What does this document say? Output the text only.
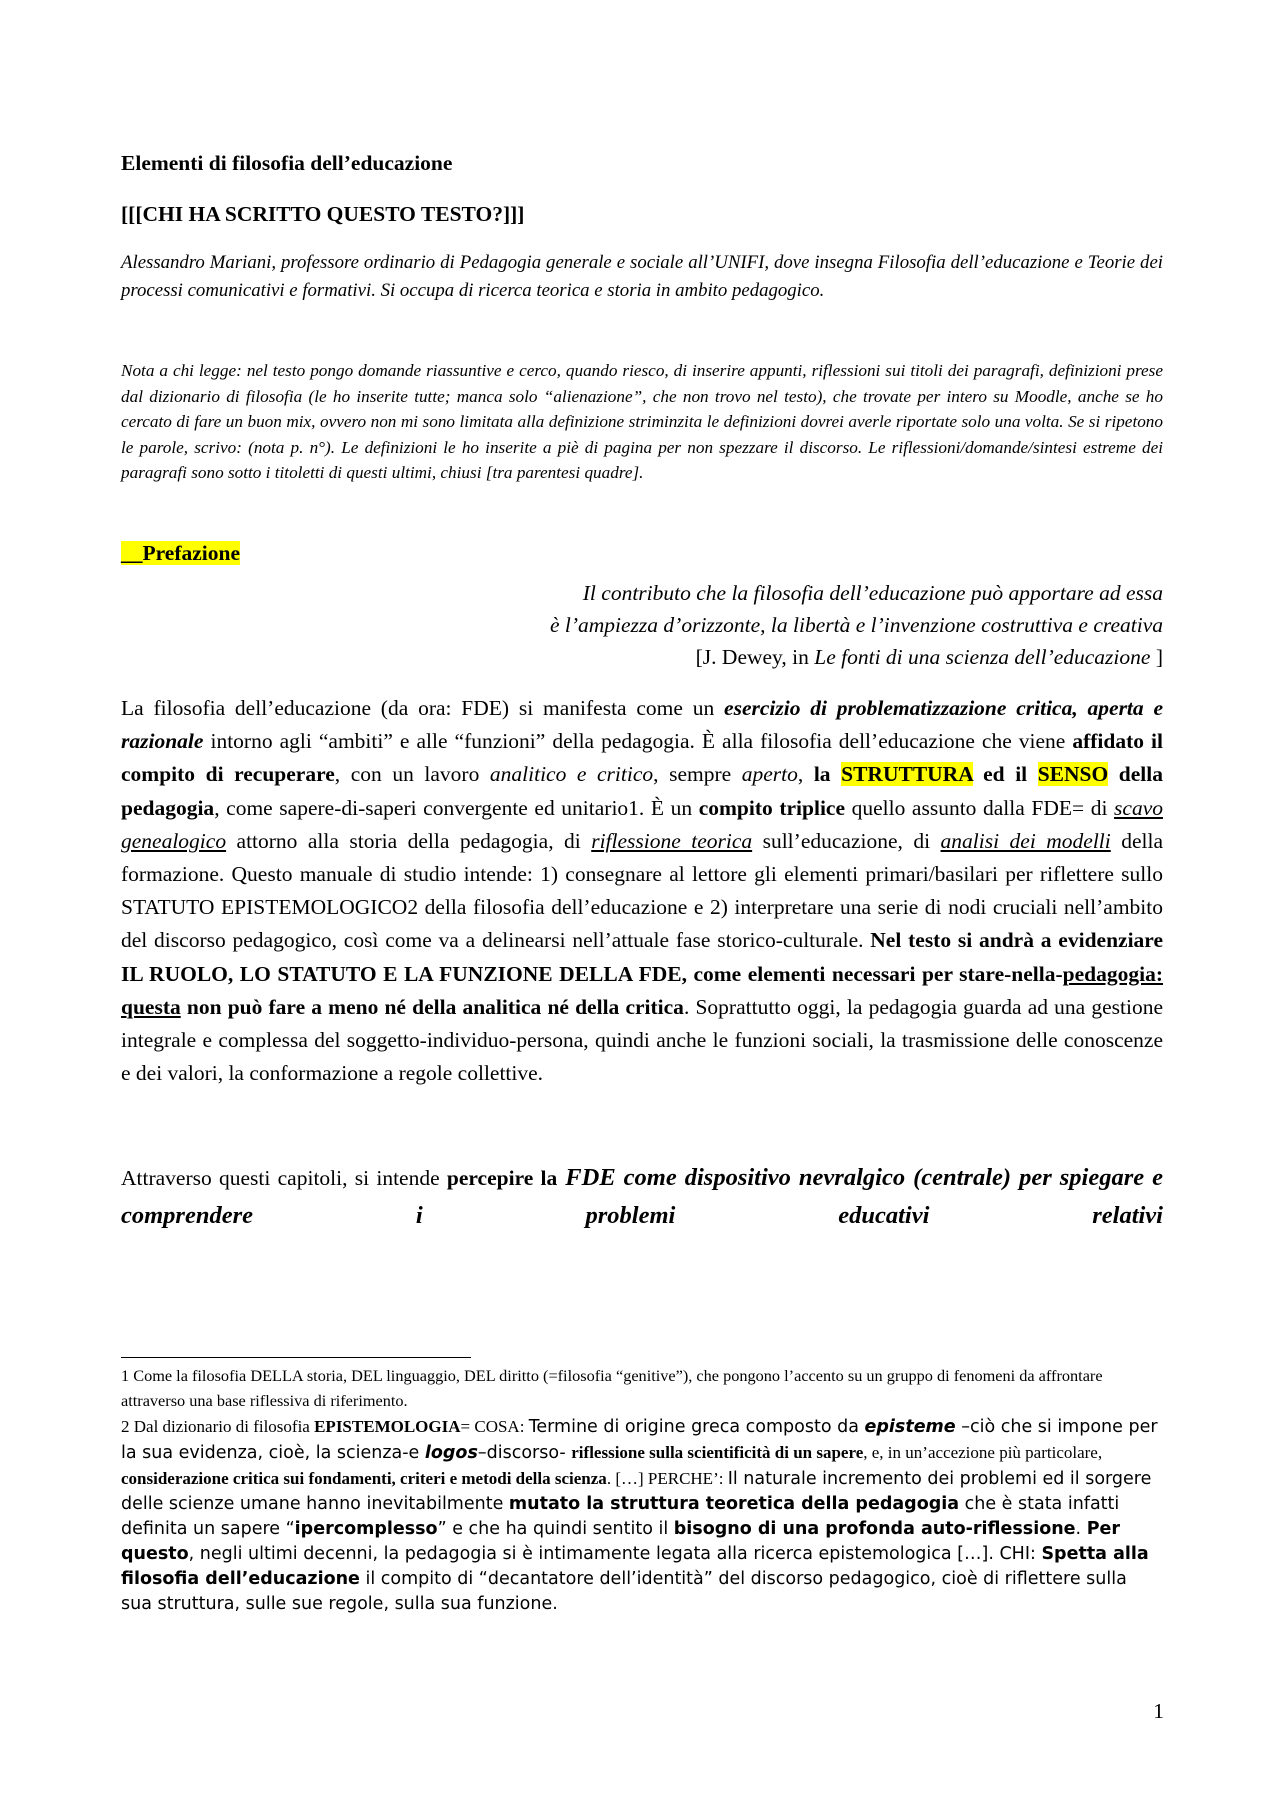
Elementi di filosofia dell’educazione

[[[CHI HA SCRITTO QUESTO TESTO?]]]

Alessandro Mariani, professore ordinario di Pedagogia generale e sociale all’UNIFI, dove insegna Filosofia dell’educazione e Teorie dei processi comunicativi e formativi. Si occupa di ricerca teorica e storia in ambito pedagogico.

Nota a chi legge: nel testo pongo domande riassuntive e cerco, quando riesco, di inserire appunti, riflessioni sui titoli dei paragrafi, definizioni prese dal dizionario di filosofia (le ho inserite tutte; manca solo “alienazione”, che non trovo nel testo), che trovate per intero su Moodle, anche se ho cercato di fare un buon mix, ovvero non mi sono limitata alla definizione striminzita le definizioni dovrei averle riportate solo una volta. Se si ripetono le parole, scrivo: (nota p. n°). Le definizioni le ho inserite a piè di pagina per non spezzare il discorso. Le riflessioni/domande/sintesi estreme dei paragrafi sono sotto i titoletti di questi ultimi, chiusi [tra parentesi quadre].

__Prefazione

Il contributo che la filosofia dell’educazione può apportare ad essa
è l’ampiezza d’orizzonte, la libertà e l’invenzione costruttiva e creativa
[J. Dewey, in Le fonti di una scienza dell’educazione ]

La filosofia dell’educazione (da ora: FDE) si manifesta come un esercizio di problematizzazione critica, aperta e razionale intorno agli “ambiti” e alle “funzioni” della pedagogia. È alla filosofia dell’educazione che viene affidato il compito di recuperare, con un lavoro analitico e critico, sempre aperto, la STRUTTURA ed il SENSO della pedagogia, come sapere-di-saperi convergente ed unitario1. È un compito triplice quello assunto dalla FDE= di scavo genealogico attorno alla storia della pedagogia, di riflessione teorica sull’educazione, di analisi dei modelli della formazione. Questo manuale di studio intende: 1) consegnare al lettore gli elementi primari/basilari per riflettere sullo STATUTO EPISTEMOLOGICO2 della filosofia dell’educazione e 2) interpretare una serie di nodi cruciali nell’ambito del discorso pedagogico, così come va a delinearsi nell’attuale fase storico-culturale. Nel testo si andrà a evidenziare IL RUOLO, LO STATUTO E LA FUNZIONE DELLA FDE, come elementi necessari per stare-nella-pedagogia: questa non può fare a meno né della analitica né della critica. Soprattutto oggi, la pedagogia guarda ad una gestione integrale e complessa del soggetto-individuo-persona, quindi anche le funzioni sociali, la trasmissione delle conoscenze e dei valori, la conformazione a regole collettive.

Attraverso questi capitoli, si intende percepire la FDE come dispositivo nevralgico (centrale) per spiegare e comprendere i problemi educativi relativi

1 Come la filosofia DELLA storia, DEL linguaggio, DEL diritto (=filosofia “genitive”), che pongono l’accento su un gruppo di fenomeni da affrontare attraverso una base riflessiva di riferimento.

2 Dal dizionario di filosofia EPISTEMOLOGIA= COSA: Termine di origine greca composto da episteme –ciò che si impone per la sua evidenza, cioè, la scienza-e logos–discorso- riflessione sulla scientificità di un sapere, e, in un’accezione più particolare, considerazione critica sui fondamenti, criteri e metodi della scienza. […] PERCHE’: Il naturale incremento dei problemi ed il sorgere delle scienze umane hanno inevitabilmente mutato la struttura teoretica della pedagogia che è stata infatti definita un sapere “ipercomplesso” e che ha quindi sentito il bisogno di una profonda auto-riflessione. Per questo, negli ultimi decenni, la pedagogia si è intimamente legata alla ricerca epistemologica […]. CHI: Spetta alla filosofia dell’educazione il compito di “decantatore dell’identità” del discorso pedagogico, cioè di riflettere sulla sua struttura, sulle sue regole, sulla sua funzione.

1
